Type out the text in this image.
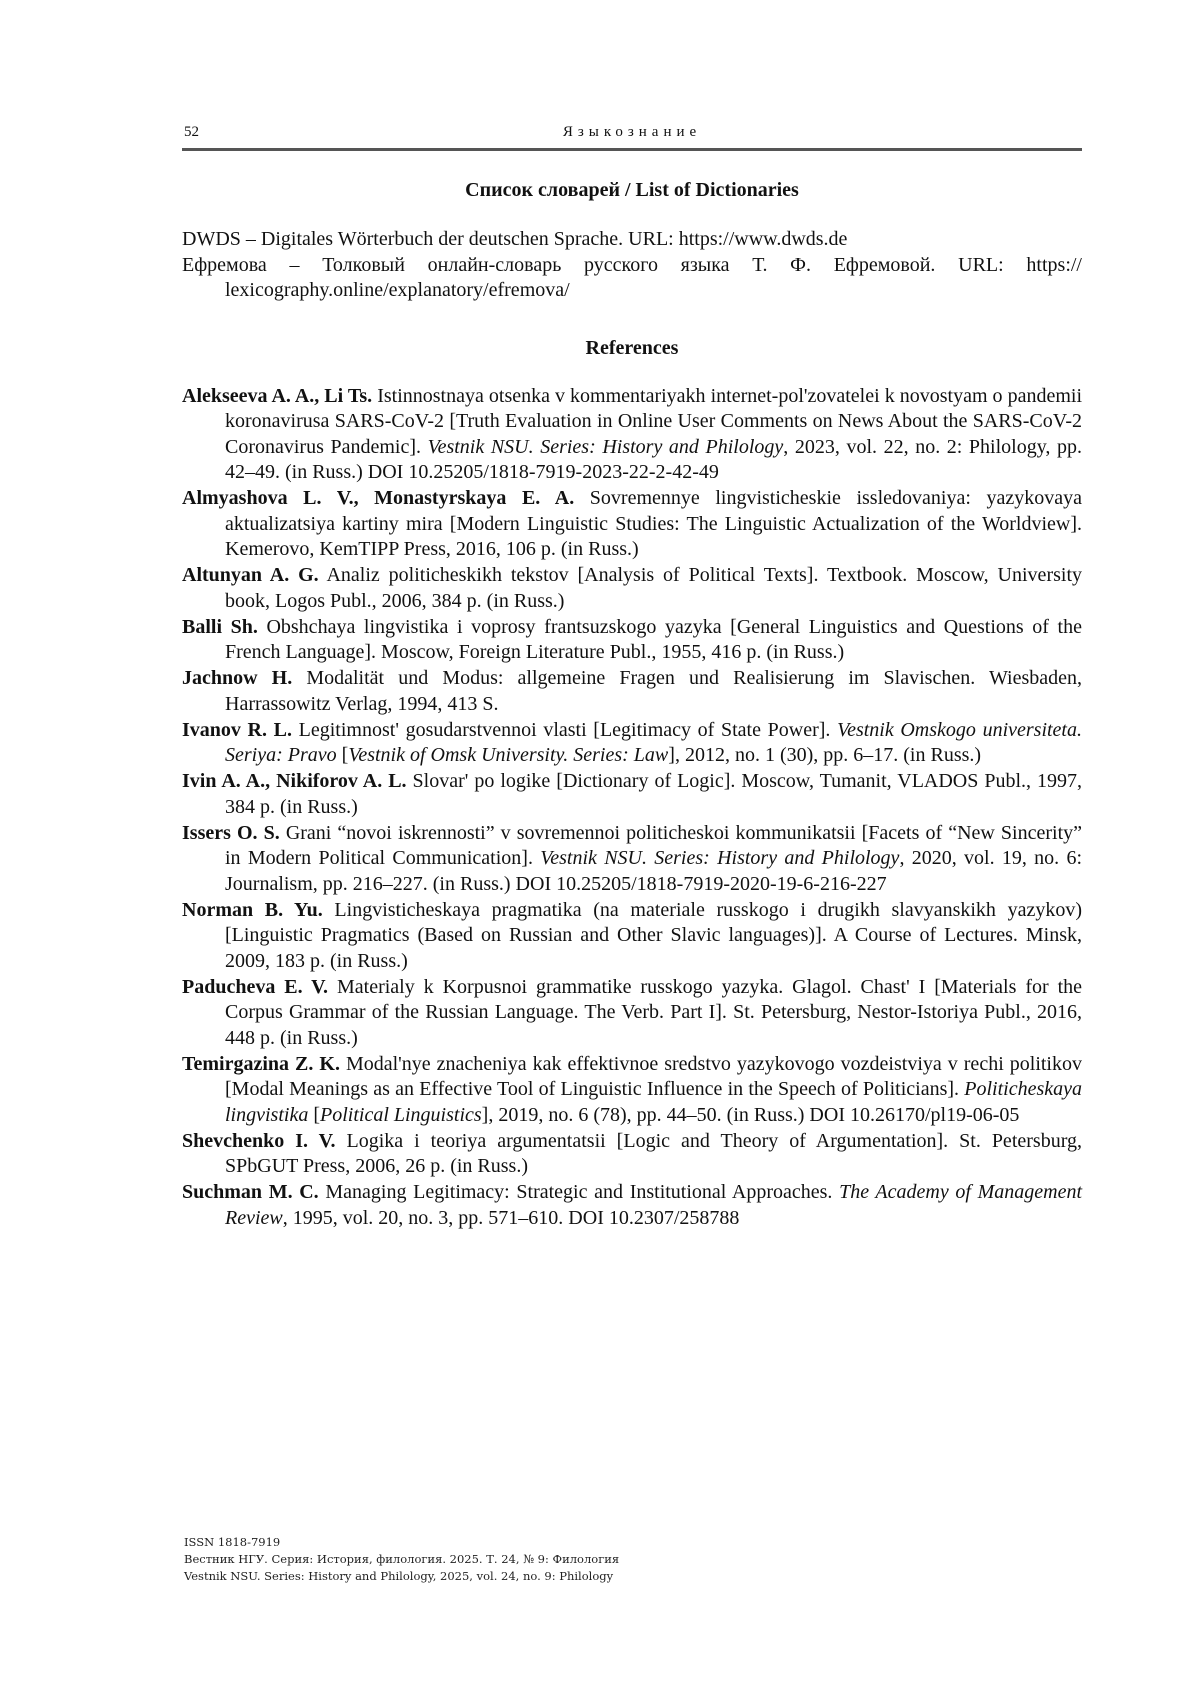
52	Языкознание
Список словарей / List of Dictionaries
DWDS – Digitales Wörterbuch der deutschen Sprache. URL: https://www.dwds.de
Ефремова – Толковый онлайн-словарь русского языка Т. Ф. Ефремовой. URL: https:// lexicography.online/explanatory/efremova/
References
Alekseeva A. A., Li Ts. Istinnostnaya otsenka v kommentariyakh internet-pol'zovatelei k novostyam o pandemii koronavirusa SARS-CoV-2 [Truth Evaluation in Online User Comments on News About the SARS-CoV-2 Coronavirus Pandemic]. Vestnik NSU. Series: History and Philology, 2023, vol. 22, no. 2: Philology, pp. 42–49. (in Russ.) DOI 10.25205/1818-7919-2023-22-2-42-49
Almyashova L. V., Monastyrskaya E. A. Sovremennye lingvisticheskie issledovaniya: yazykovaya aktualizatsiya kartiny mira [Modern Linguistic Studies: The Linguistic Actualization of the Worldview]. Kemerovo, KemTIPP Press, 2016, 106 p. (in Russ.)
Altunyan A. G. Analiz politicheskikh tekstov [Analysis of Political Texts]. Textbook. Moscow, University book, Logos Publ., 2006, 384 p. (in Russ.)
Balli Sh. Obshchaya lingvistika i voprosy frantsuzskogo yazyka [General Linguistics and Questions of the French Language]. Moscow, Foreign Literature Publ., 1955, 416 p. (in Russ.)
Jachnow H. Modalität und Modus: allgemeine Fragen und Realisierung im Slavischen. Wiesbaden, Harrassowitz Verlag, 1994, 413 S.
Ivanov R. L. Legitimnost' gosudarstvennoi vlasti [Legitimacy of State Power]. Vestnik Omskogo universiteta. Seriya: Pravo [Vestnik of Omsk University. Series: Law], 2012, no. 1 (30), pp. 6–17. (in Russ.)
Ivin A. A., Nikiforov A. L. Slovar' po logike [Dictionary of Logic]. Moscow, Tumanit, VLADOS Publ., 1997, 384 p. (in Russ.)
Issers O. S. Grani “novoi iskrennosti” v sovremennoi politicheskoi kommunikatsii [Facets of “New Sincerity” in Modern Political Communication]. Vestnik NSU. Series: History and Philology, 2020, vol. 19, no. 6: Journalism, pp. 216–227. (in Russ.) DOI 10.25205/1818-7919-2020-19-6-216-227
Norman B. Yu. Lingvisticheskaya pragmatika (na materiale russkogo i drugikh slavyanskikh yazykov) [Linguistic Pragmatics (Based on Russian and Other Slavic languages)]. A Course of Lectures. Minsk, 2009, 183 p. (in Russ.)
Paducheva E. V. Materialy k Korpusnoi grammatike russkogo yazyka. Glagol. Chast' I [Materials for the Corpus Grammar of the Russian Language. The Verb. Part I]. St. Petersburg, Nestor-Istoriya Publ., 2016, 448 p. (in Russ.)
Temirgazina Z. K. Modal'nye znacheniya kak effektivnoe sredstvo yazykovogo vozdeistviya v rechi politikov [Modal Meanings as an Effective Tool of Linguistic Influence in the Speech of Politicians]. Politicheskaya lingvistika [Political Linguistics], 2019, no. 6 (78), pp. 44–50. (in Russ.) DOI 10.26170/pl19-06-05
Shevchenko I. V. Logika i teoriya argumentatsii [Logic and Theory of Argumentation]. St. Petersburg, SPbGUT Press, 2006, 26 p. (in Russ.)
Suchman M. C. Managing Legitimacy: Strategic and Institutional Approaches. The Academy of Management Review, 1995, vol. 20, no. 3, pp. 571–610. DOI 10.2307/258788
ISSN 1818-7919
Вестник НГУ. Серия: История, филология. 2025. Т. 24, № 9: Филология
Vestnik NSU. Series: History and Philology, 2025, vol. 24, no. 9: Philology
